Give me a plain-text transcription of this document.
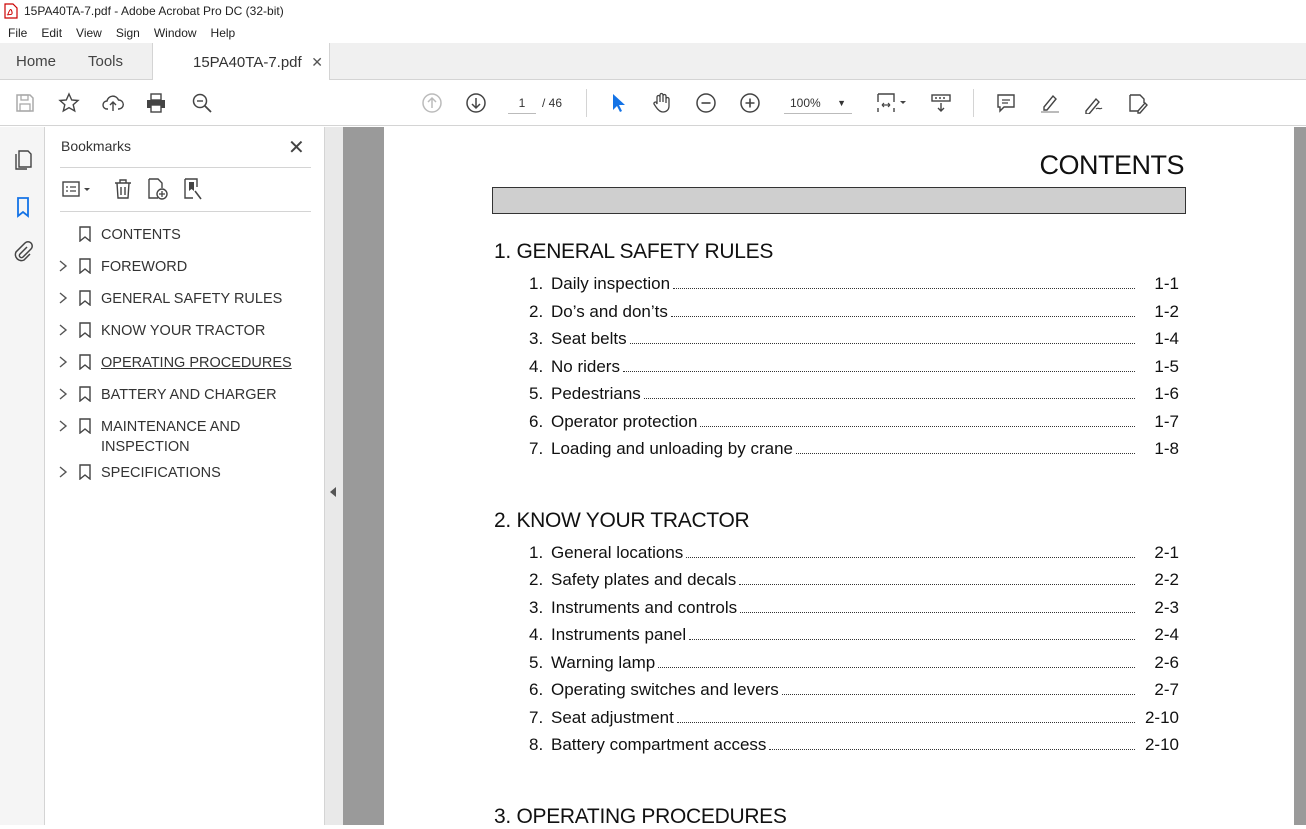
15PA40TA-7.pdf - Adobe Acrobat Pro DC (32-bit)
File	Edit	View	Sign	Window	Help
Home Tools	15PA40TA-7.pdf ✕
1	/ 46	100% ▼
Bookmarks	✕
CONTENTS
FOREWORD
GENERAL SAFETY RULES
KNOW YOUR TRACTOR
OPERATING PROCEDURES
BATTERY AND CHARGER
MAINTENANCE AND INSPECTION
SPECIFICATIONS
CONTENTS
1. GENERAL SAFETY RULES
1. Daily inspection	1-1
2. Do’s and don’ts	1-2
3. Seat belts	1-4
4. No riders	1-5
5. Pedestrians	1-6
6. Operator protection	1-7
7. Loading and unloading by crane	1-8
2. KNOW YOUR TRACTOR
1. General locations	2-1
2. Safety plates and decals	2-2
3. Instruments and controls	2-3
4. Instruments panel	2-4
5. Warning lamp	2-6
6. Operating switches and levers	2-7
7. Seat adjustment	2-10
8. Battery compartment access	2-10
3. OPERATING PROCEDURES
